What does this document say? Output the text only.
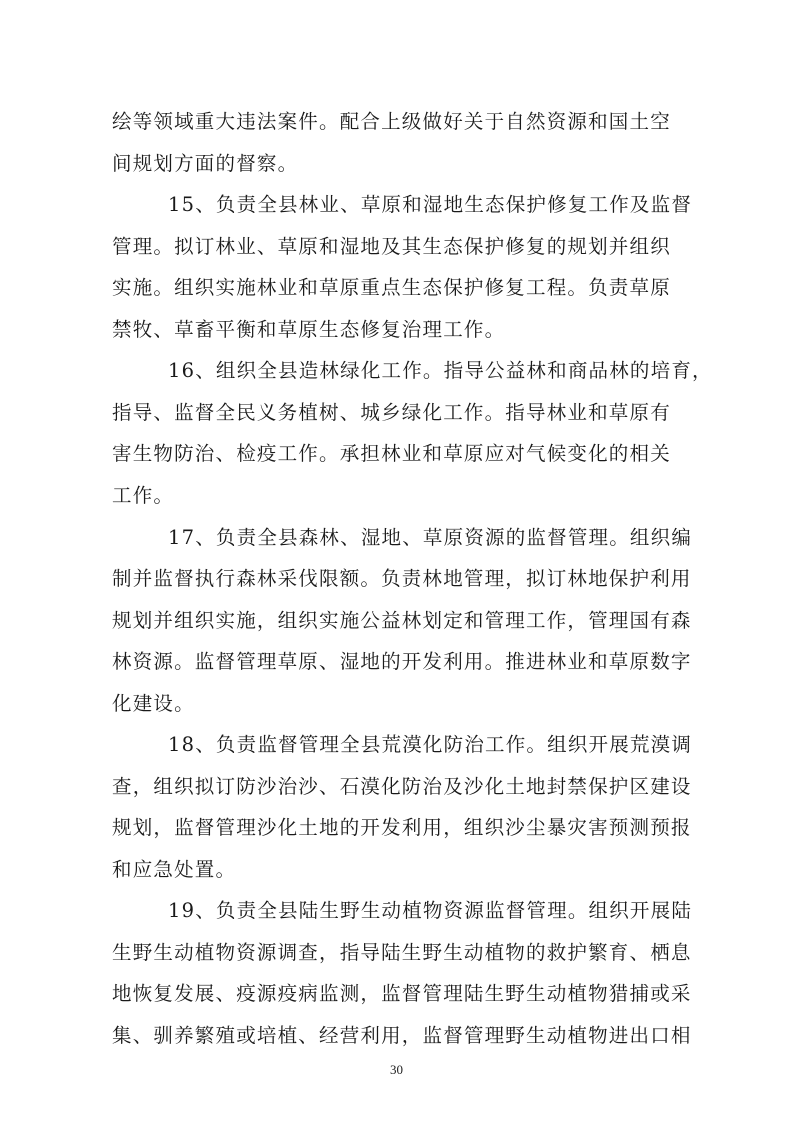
绘等领域重大违法案件。配合上级做好关于自然资源和国土空
间规划方面的督察。
15、负责全县林业、草原和湿地生态保护修复工作及监督
管理。拟订林业、草原和湿地及其生态保护修复的规划并组织
实施。组织实施林业和草原重点生态保护修复工程。负责草原
禁牧、草畜平衡和草原生态修复治理工作。
16、组织全县造林绿化工作。指导公益林和商品林的培育，
指导、监督全民义务植树、城乡绿化工作。指导林业和草原有
害生物防治、检疫工作。承担林业和草原应对气候变化的相关
工作。
17、负责全县森林、湿地、草原资源的监督管理。组织编
制并监督执行森林采伐限额。负责林地管理，拟订林地保护利用
规划并组织实施，组织实施公益林划定和管理工作，管理国有森
林资源。监督管理草原、湿地的开发利用。推进林业和草原数字
化建设。
18、负责监督管理全县荒漠化防治工作。组织开展荒漠调
查，组织拟订防沙治沙、石漠化防治及沙化土地封禁保护区建设
规划，监督管理沙化土地的开发利用，组织沙尘暴灾害预测预报
和应急处置。
19、负责全县陆生野生动植物资源监督管理。组织开展陆
生野生动植物资源调查，指导陆生野生动植物的救护繁育、栖息
地恢复发展、疫源疫病监测，监督管理陆生野生动植物猎捕或采
集、驯养繁殖或培植、经营利用，监督管理野生动植物进出口相
30
